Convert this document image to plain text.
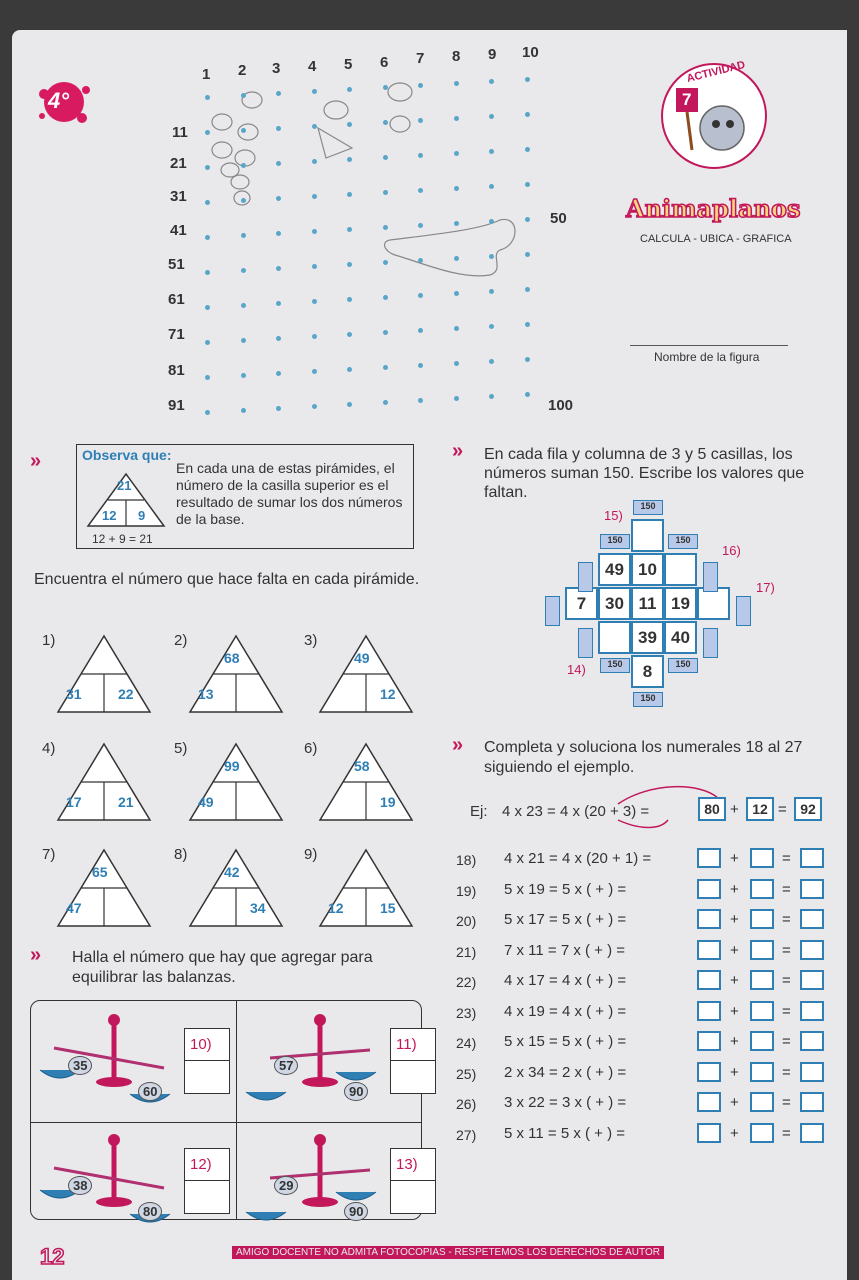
4°
1 2 3 4 5 6 7 8 9 10
11
21
31
41
51
61
71
81
91
50
100
ACTIVIDAD
7
Animaplanos
CALCULA - UBICA - GRAFICA
Nombre de la figura
»	Observa que:
En cada una de estas pirámides, el número de la casilla superior es el resultado de sumar los dos números de la base.
21
12 9
12 + 9 = 21
Encuentra el número que hace falta en cada pirámide.
1)
31	22
2)
68
13
3)
49
12
4)
17	21
5)
99
49
6)
58
19
7)
65
47
8)
42
34
9)
12	15
» Halla el número que hay que agregar para equilibrar las balanzas.
35
60
10)
57
90
11)
38
80
12)
29
90
13)
» En cada fila y columna de 3 y 5 casillas, los números suman 150. Escribe los valores que faltan.
49 10
7	30 11 19
39 40
8
150
150	150
150
150	150
15)
16)
17)
14)
» Completa y soluciona los numerales 18 al 27 siguiendo el ejemplo.
Ej: 4 x 23 = 4 x (20 + 3) =	80 + 12 = 92
18) 4 x 21 = 4 x (20 + 1) =	+	=
19) 5 x 19 = 5 x ( + ) =	+	=
20) 5 x 17 = 5 x ( + ) =	+	=
21) 7 x 11 = 7 x ( + ) =	+	=
22) 4 x 17 = 4 x ( + ) =	+	=
23) 4 x 19 = 4 x ( + ) =	+	=
24) 5 x 15 = 5 x ( + ) =	+	=
25) 2 x 34 = 2 x ( + ) =	+	=
26) 3 x 22 = 3 x ( + ) =	+	=
27) 5 x 11 = 5 x ( + ) =	+	=
12	AMIGO DOCENTE NO ADMITA FOTOCOPIAS - RESPETEMOS LOS DERECHOS DE AUTOR
